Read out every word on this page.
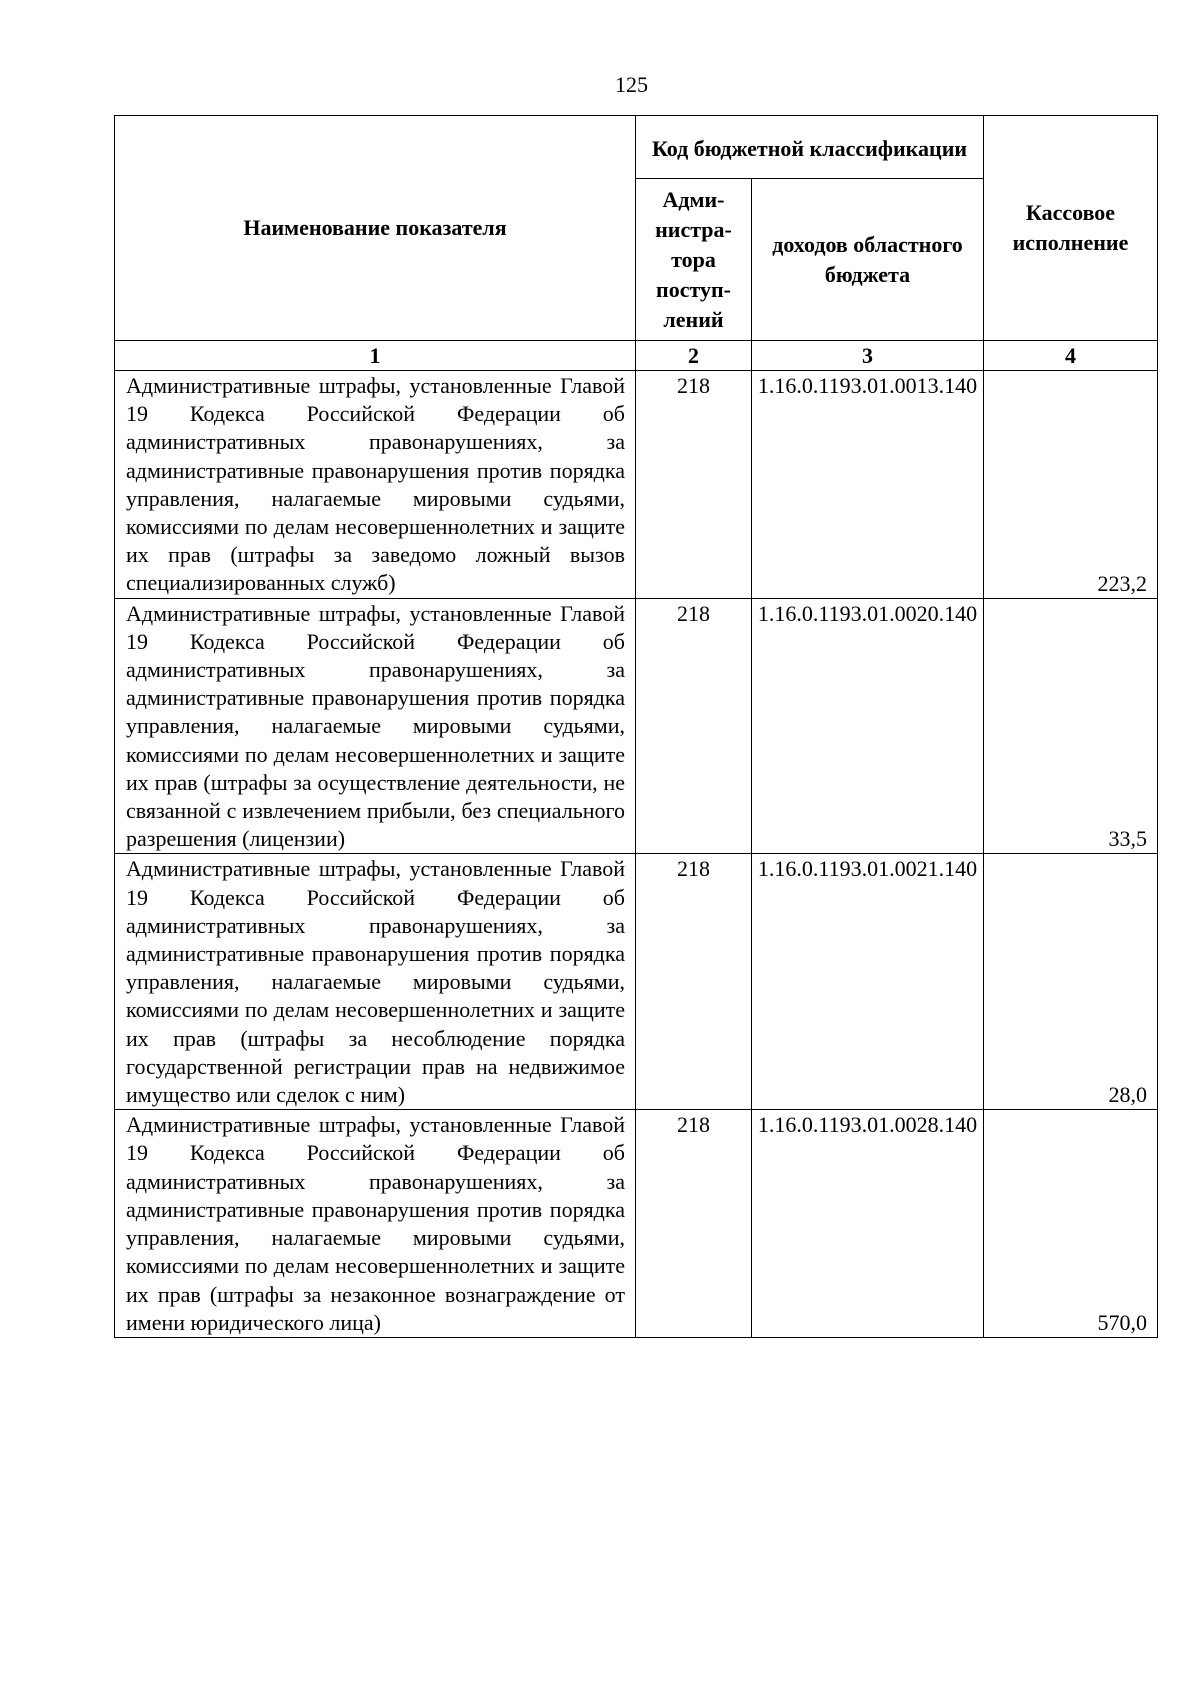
125
Наименование показателя	Код бюджетной классификации		Кассовое исполнение
	Адми-нистра-тора поступ-лений	доходов областного бюджета	
1	2	3	4
Административные штрафы, установленные Главой 19 Кодекса Российской Федерации об административных правонарушениях, за административные правонарушения против порядка управления, налагаемые мировыми судьями, комиссиями по делам несовершеннолетних и защите их прав (штрафы за заведомо ложный вызов специализированных служб)	218	1.16.0.1193.01.0013.140	223,2
Административные штрафы, установленные Главой 19 Кодекса Российской Федерации об административных правонарушениях, за административные правонарушения против порядка управления, налагаемые мировыми судьями, комиссиями по делам несовершеннолетних и защите их прав (штрафы за осуществление деятельности, не связанной с извлечением прибыли, без специального разрешения (лицензии)	218	1.16.0.1193.01.0020.140	33,5
Административные штрафы, установленные Главой 19 Кодекса Российской Федерации об административных правонарушениях, за административные правонарушения против порядка управления, налагаемые мировыми судьями, комиссиями по делам несовершеннолетних и защите их прав (штрафы за несоблюдение порядка государственной регистрации прав на недвижимое имущество или сделок с ним)	218	1.16.0.1193.01.0021.140	28,0
Административные штрафы, установленные Главой 19 Кодекса Российской Федерации об административных правонарушениях, за административные правонарушения против порядка управления, налагаемые мировыми судьями, комиссиями по делам несовершеннолетних и защите их прав (штрафы за незаконное вознаграждение от имени юридического лица)	218	1.16.0.1193.01.0028.140	570,0
